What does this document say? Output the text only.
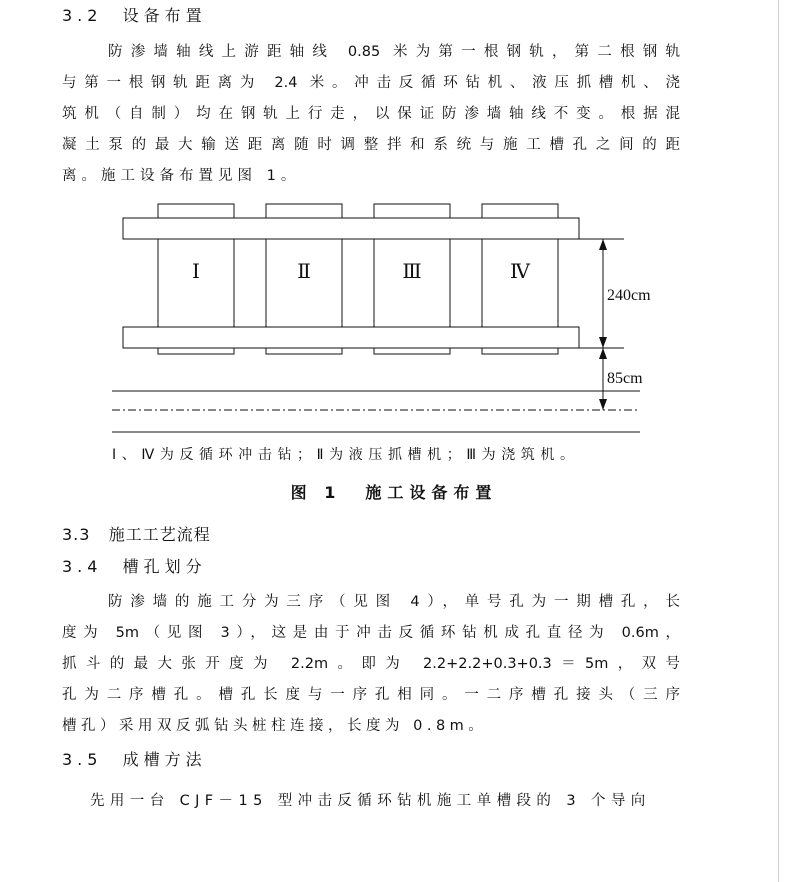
3.2 设备布置
防渗墙轴线上游距轴线 0.85 米为第一根钢轨，第二根钢轨
与第一根钢轨距离为 2.4 米。冲击反循环钻机、液压抓槽机、浇
筑机（自制）均在钢轨上行走，以保证防渗墙轴线不变。根据混
凝土泵的最大输送距离随时调整拌和系统与施工槽孔之间的距
离。施工设备布置见图 1。
Ⅰ	Ⅱ	Ⅲ	Ⅳ
240cm
85cm
Ⅰ、Ⅳ为反循环冲击钻；Ⅱ为液压抓槽机；Ⅲ为浇筑机。
图 1 施工设备布置
3.3 施工工艺流程
3.4 槽孔划分
防渗墙的施工分为三序（见图 4），单号孔为一期槽孔，长
度为 5m（见图 3），这是由于冲击反循环钻机成孔直径为 0.6m，
抓斗的最大张开度为 2.2m。即为 2.2+2.2+0.3+0.3＝5m，双号
孔为二序槽孔。槽孔长度与一序孔相同。一二序槽孔接头（三序
槽孔）采用双反弧钻头桩柱连接，长度为 0.8m。
3.5 成槽方法
先用一台 CJF－15 型冲击反循环钻机施工单槽段的 3 个导向
